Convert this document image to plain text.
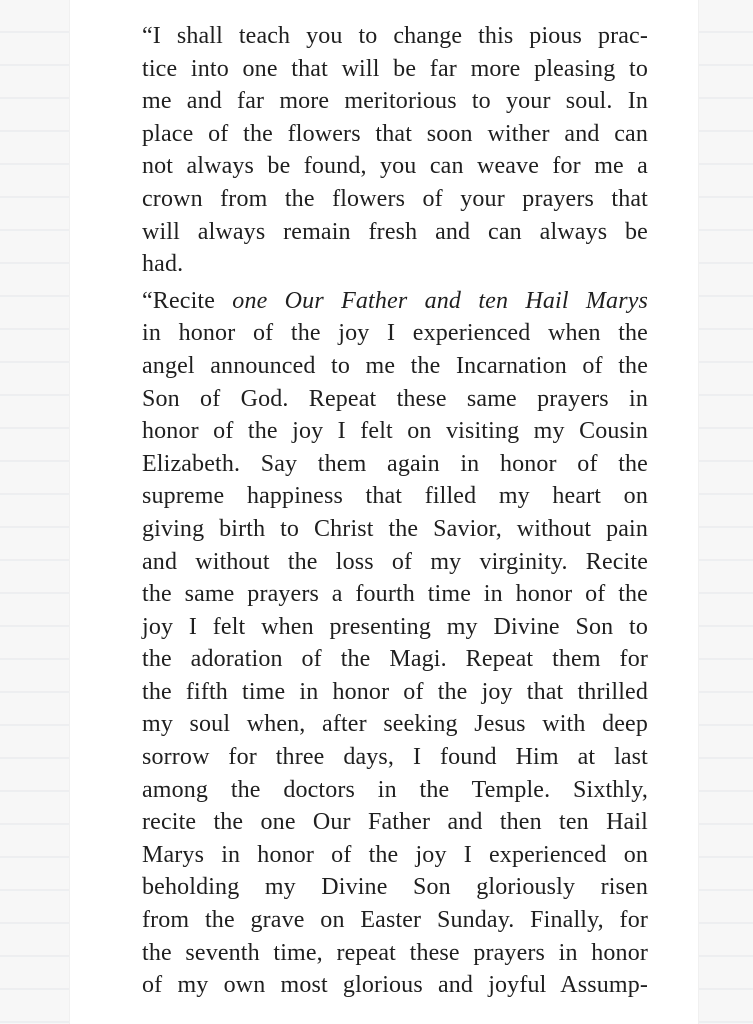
“I shall teach you to change this pious prac-
tice into one that will be far more pleasing to
me and far more meritorious to your soul. In
place of the flowers that soon wither and can
not always be found, you can weave for me a
crown from the flowers of your prayers that
will always remain fresh and can always be
had.
“Recite one Our Father and ten Hail Marys
in honor of the joy I experienced when the
angel announced to me the Incarnation of the
Son of God. Repeat these same prayers in
honor of the joy I felt on visiting my Cousin
Elizabeth. Say them again in honor of the
supreme happiness that filled my heart on
giving birth to Christ the Savior, without pain
and without the loss of my virginity. Recite
the same prayers a fourth time in honor of the
joy I felt when presenting my Divine Son to
the adoration of the Magi. Repeat them for
the fifth time in honor of the joy that thrilled
my soul when, after seeking Jesus with deep
sorrow for three days, I found Him at last
among the doctors in the Temple. Sixthly,
recite the one Our Father and then ten Hail
Marys in honor of the joy I experienced on
beholding my Divine Son gloriously risen
from the grave on Easter Sunday. Finally, for
the seventh time, repeat these prayers in honor
of my own most glorious and joyful Assump-
